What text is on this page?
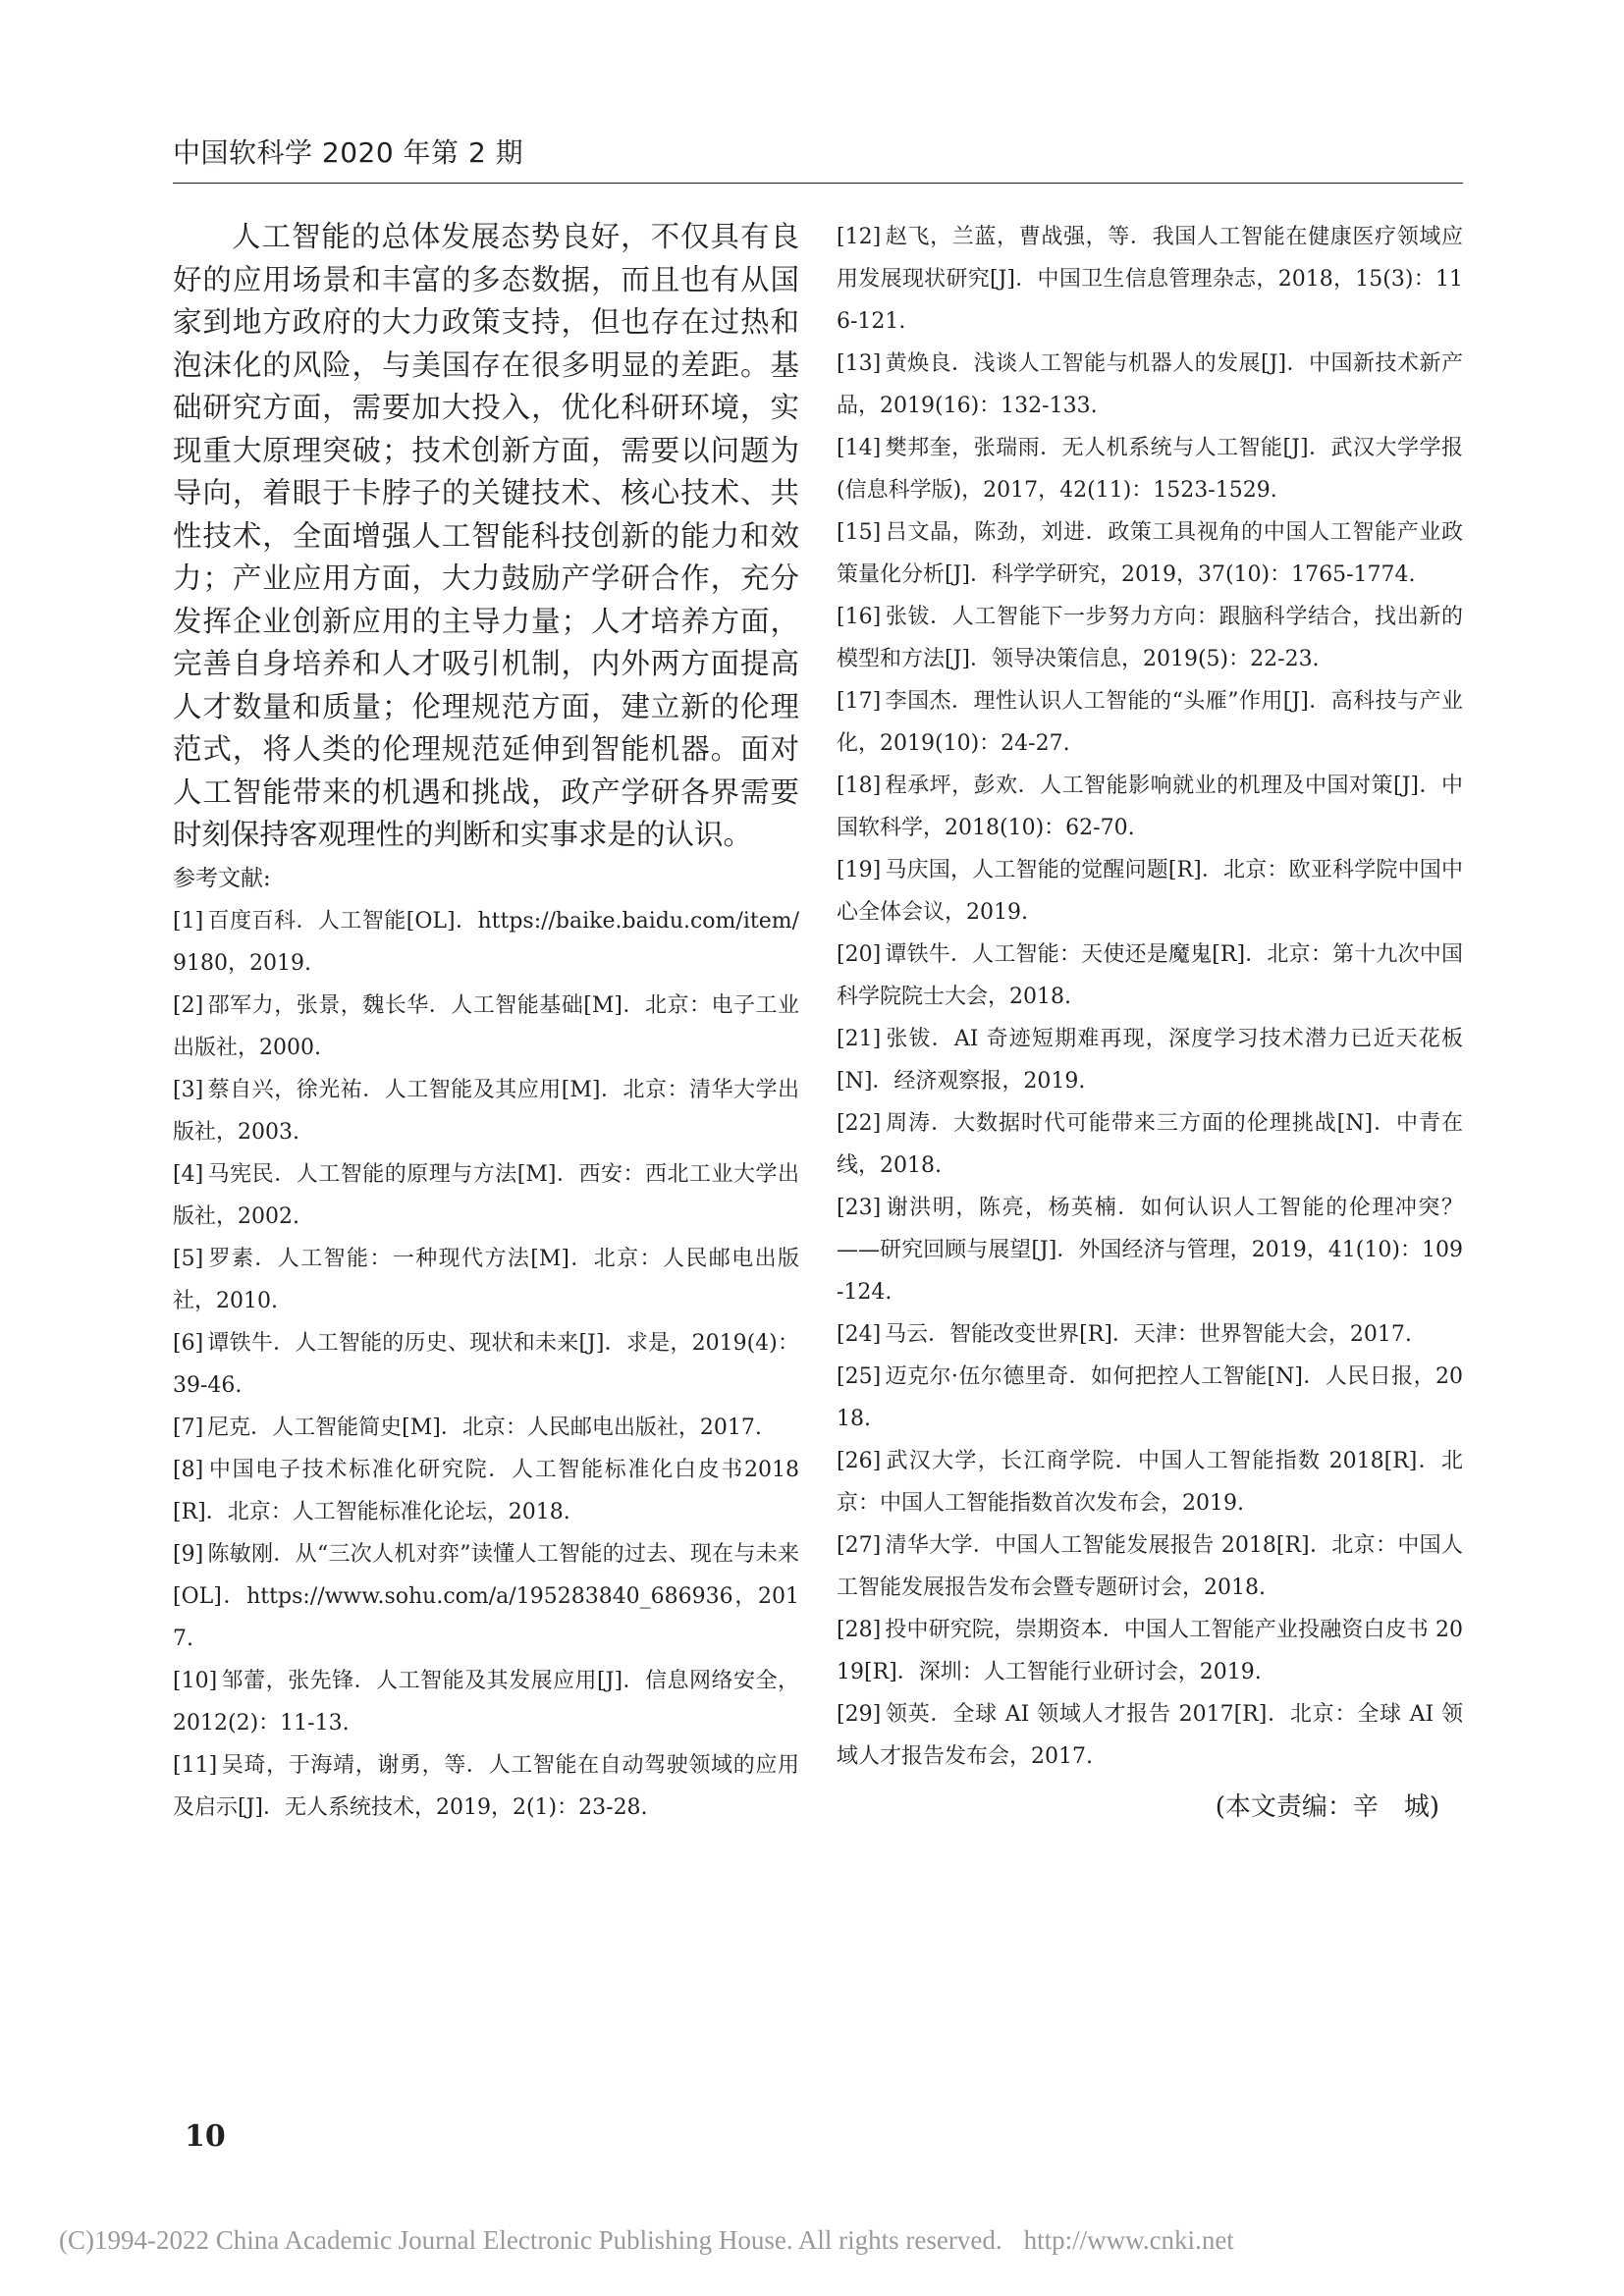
中国软科学 2020 年第 2 期

人工智能的总体发展态势良好，不仅具有良好的应用场景和丰富的多态数据，而且也有从国家到地方政府的大力政策支持，但也存在过热和泡沫化的风险，与美国存在很多明显的差距。基础研究方面，需要加大投入，优化科研环境，实现重大原理突破；技术创新方面，需要以问题为导向，着眼于卡脖子的关键技术、核心技术、共性技术，全面增强人工智能科技创新的能力和效力；产业应用方面，大力鼓励产学研合作，充分发挥企业创新应用的主导力量；人才培养方面，完善自身培养和人才吸引机制，内外两方面提高人才数量和质量；伦理规范方面，建立新的伦理范式，将人类的伦理规范延伸到智能机器。面对人工智能带来的机遇和挑战，政产学研各界需要时刻保持客观理性的判断和实事求是的认识。

参考文献:
[1] 百度百科．人工智能[OL]．https://baike.baidu.com/item/9180，2019.
[2] 邵军力，张景，魏长华．人工智能基础[M]．北京：电子工业出版社，2000.
[3] 蔡自兴，徐光祐．人工智能及其应用[M]．北京：清华大学出版社，2003.
[4] 马宪民．人工智能的原理与方法[M]．西安：西北工业大学出版社，2002.
[5] 罗素．人工智能：一种现代方法[M]．北京：人民邮电出版社，2010.
[6] 谭铁牛．人工智能的历史、现状和未来[J]．求是，2019(4)：39-46.
[7] 尼克．人工智能简史[M]．北京：人民邮电出版社，2017.
[8] 中国电子技术标准化研究院．人工智能标准化白皮书2018[R]．北京：人工智能标准化论坛，2018.
[9] 陈敏刚．从“三次人机对弈”读懂人工智能的过去、现在与未来[OL]．https://www.sohu.com/a/195283840_686936，2017.
[10] 邹蕾，张先锋．人工智能及其发展应用[J]．信息网络安全，2012(2)：11-13.
[11] 吴琦，于海靖，谢勇，等．人工智能在自动驾驶领域的应用及启示[J]．无人系统技术，2019，2(1)：23-28.
[12] 赵飞，兰蓝，曹战强，等．我国人工智能在健康医疗领域应用发展现状研究[J]．中国卫生信息管理杂志，2018，15(3)：116-121.
[13] 黄焕良．浅谈人工智能与机器人的发展[J]．中国新技术新产品，2019(16)：132-133.
[14] 樊邦奎，张瑞雨．无人机系统与人工智能[J]．武汉大学学报(信息科学版)，2017，42(11)：1523-1529.
[15] 吕文晶，陈劲，刘进．政策工具视角的中国人工智能产业政策量化分析[J]．科学学研究，2019，37(10)：1765-1774.
[16] 张钹．人工智能下一步努力方向：跟脑科学结合，找出新的模型和方法[J]．领导决策信息，2019(5)：22-23.
[17] 李国杰．理性认识人工智能的“头雁”作用[J]．高科技与产业化，2019(10)：24-27.
[18] 程承坪，彭欢．人工智能影响就业的机理及中国对策[J]．中国软科学，2018(10)：62-70.
[19] 马庆国，人工智能的觉醒问题[R]．北京：欧亚科学院中国中心全体会议，2019.
[20] 谭铁牛．人工智能：天使还是魔鬼[R]．北京：第十九次中国科学院院士大会，2018.
[21] 张钹．AI 奇迹短期难再现，深度学习技术潜力已近天花板[N]．经济观察报，2019.
[22] 周涛．大数据时代可能带来三方面的伦理挑战[N]．中青在线，2018.
[23] 谢洪明，陈亮，杨英楠．如何认识人工智能的伦理冲突？——研究回顾与展望[J]．外国经济与管理，2019，41(10)：109-124.
[24] 马云．智能改变世界[R]．天津：世界智能大会，2017.
[25] 迈克尔·伍尔德里奇．如何把控人工智能[N]．人民日报，2018.
[26] 武汉大学，长江商学院．中国人工智能指数 2018[R]．北京：中国人工智能指数首次发布会，2019.
[27] 清华大学．中国人工智能发展报告 2018[R]．北京：中国人工智能发展报告发布会暨专题研讨会，2018.
[28] 投中研究院，崇期资本．中国人工智能产业投融资白皮书 2019[R]．深圳：人工智能行业研讨会，2019.
[29] 领英．全球 AI 领域人才报告 2017[R]．北京：全球 AI 领域人才报告发布会，2017.
(本文责编：辛　城)
10
(C)1994-2022 China Academic Journal Electronic Publishing House. All rights reserved. http://www.cnki.net
